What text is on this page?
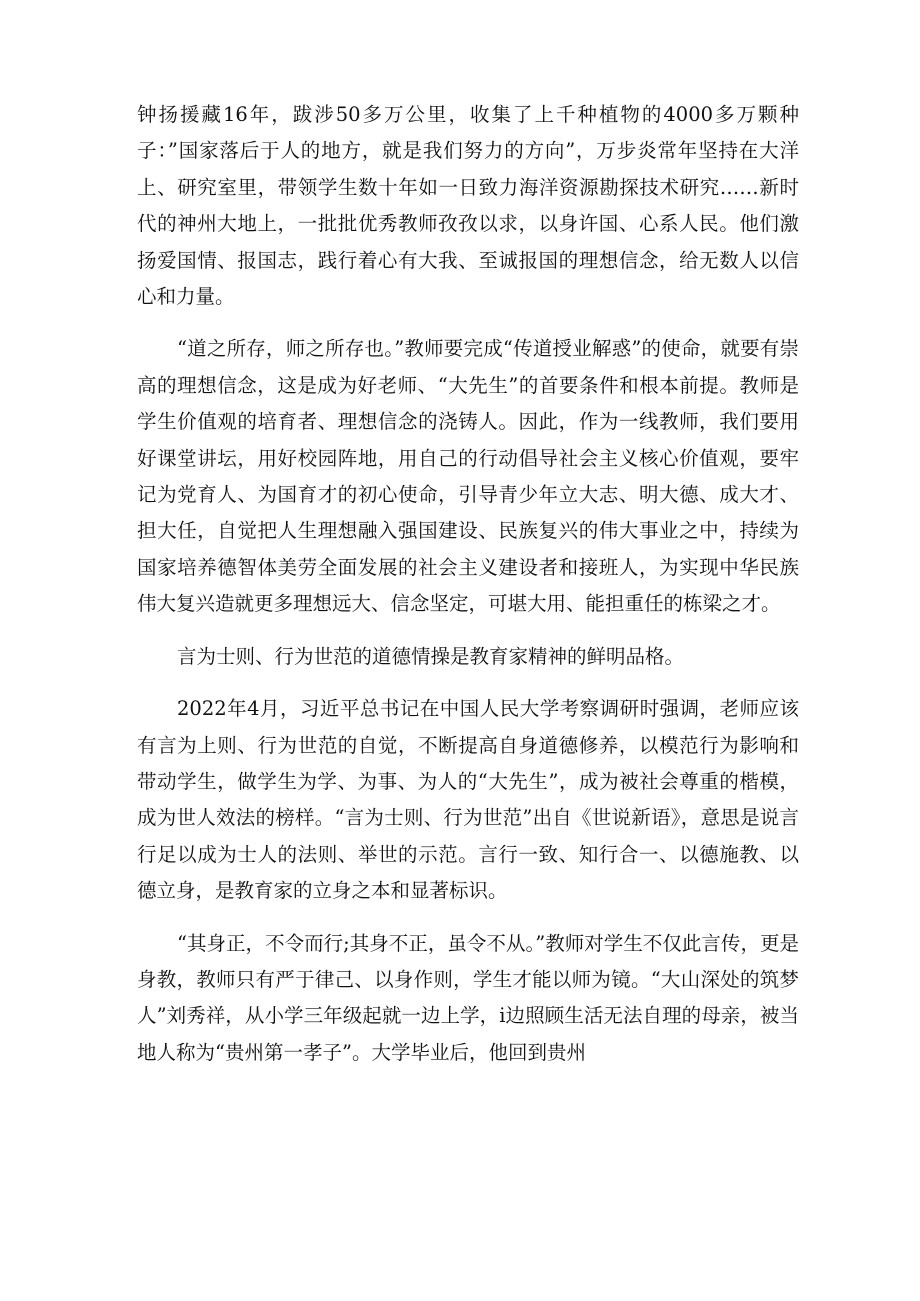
钟扬援藏16年，跋涉50多万公里，收集了上千种植物的4000多万颗种子：”国家落后于人的地方，就是我们努力的方向”，万步炎常年坚持在大洋上、研究室里，带领学生数十年如一日致力海洋资源勘探技术研究……新时代的神州大地上，一批批优秀教师孜孜以求，以身许国、心系人民。他们激扬爱国情、报国志，践行着心有大我、至诚报国的理想信念，给无数人以信心和力量。

“道之所存，师之所存也。”教师要完成“传道授业解惑”的使命，就要有崇高的理想信念，这是成为好老师、“大先生”的首要条件和根本前提。教师是学生价值观的培育者、理想信念的浇铸人。因此，作为一线教师，我们要用好课堂讲坛，用好校园阵地，用自己的行动倡导社会主义核心价值观，要牢记为党育人、为国育才的初心使命，引导青少年立大志、明大德、成大才、担大任，自觉把人生理想融入强国建设、民族复兴的伟大事业之中，持续为国家培养德智体美劳全面发展的社会主义建设者和接班人，为实现中华民族伟大复兴造就更多理想远大、信念坚定，可堪大用、能担重任的栋梁之才。

言为士则、行为世范的道德情操是教育家精神的鲜明品格。

2022年4月，习近平总书记在中国人民大学考察调研时强调，老师应该有言为上则、行为世范的自觉，不断提高自身道德修养，以模范行为影响和带动学生，做学生为学、为事、为人的“大先生”，成为被社会尊重的楷模，成为世人效法的榜样。“言为士则、行为世范”出自《世说新语》，意思是说言行足以成为士人的法则、举世的示范。言行一致、知行合一、以德施教、以德立身，是教育家的立身之本和显著标识。

“其身正，不令而行;其身不正，虽令不从。”教师对学生不仅此言传，更是身教，教师只有严于律己、以身作则，学生才能以师为镜。“大山深处的筑梦人”刘秀祥，从小学三年级起就一边上学，i边照顾生活无法自理的母亲，被当地人称为“贵州第一孝子”。大学毕业后，他回到贵州
